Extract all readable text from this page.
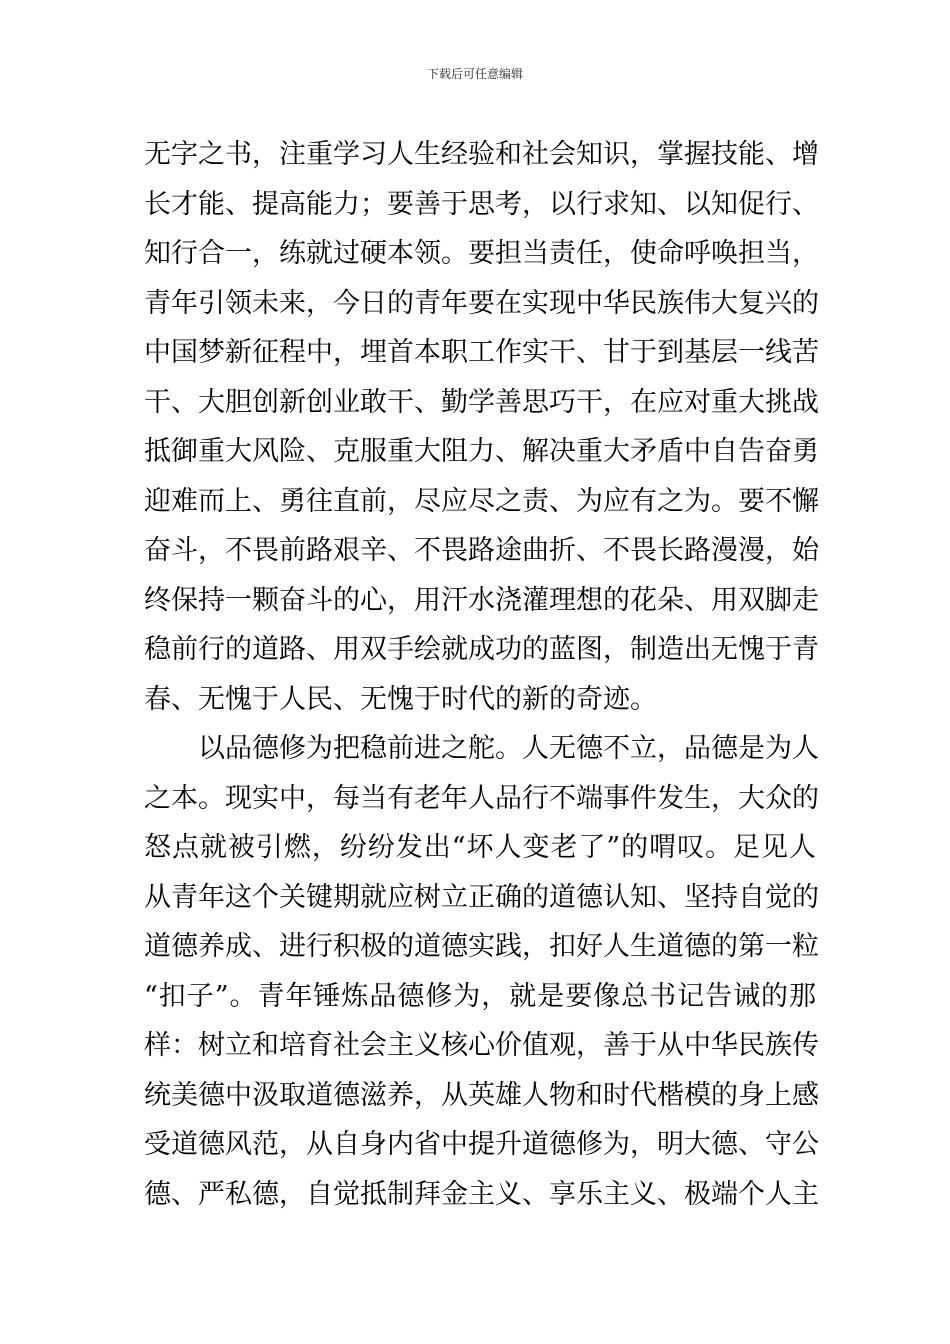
下载后可任意编辑
无字之书，注重学习人生经验和社会知识，掌握技能、增
长才能、提高能力；要善于思考，以行求知、以知促行、
知行合一，练就过硬本领。要担当责任，使命呼唤担当，
青年引领未来，今日的青年要在实现中华民族伟大复兴的
中国梦新征程中，埋首本职工作实干、甘于到基层一线苦
干、大胆创新创业敢干、勤学善思巧干，在应对重大挑战
抵御重大风险、克服重大阻力、解决重大矛盾中自告奋勇
迎难而上、勇往直前，尽应尽之责、为应有之为。要不懈
奋斗，不畏前路艰辛、不畏路途曲折、不畏长路漫漫，始
终保持一颗奋斗的心，用汗水浇灌理想的花朵、用双脚走
稳前行的道路、用双手绘就成功的蓝图，制造出无愧于青
春、无愧于人民、无愧于时代的新的奇迹。
以品德修为把稳前进之舵。人无德不立，品德是为人
之本。现实中，每当有老年人品行不端事件发生，大众的
怒点就被引燃，纷纷发出“坏人变老了”的喟叹。足见人
从青年这个关键期就应树立正确的道德认知、坚持自觉的
道德养成、进行积极的道德实践，扣好人生道德的第一粒
“扣子”。青年锤炼品德修为，就是要像总书记告诫的那
样：树立和培育社会主义核心价值观，善于从中华民族传
统美德中汲取道德滋养，从英雄人物和时代楷模的身上感
受道德风范，从自身内省中提升道德修为，明大德、守公
德、严私德，自觉抵制拜金主义、享乐主义、极端个人主
